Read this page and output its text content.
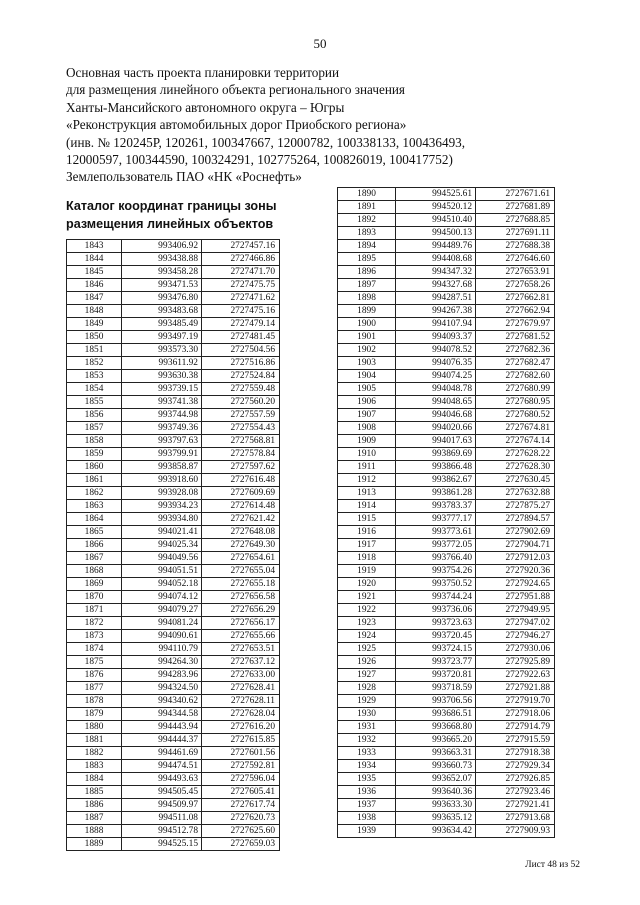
50
Основная часть проекта планировки территории
для размещения линейного объекта регионального значения
Ханты-Мансийского автономного округа – Югры
«Реконструкция автомобильных дорог Приобского региона»
(инв. № 120245Р, 120261, 100347667, 12000782, 100338133, 100436493,
12000597, 100344590, 100324291, 102775264, 100826019, 100417752)
Землепользователь ПАО «НК «Роснефть»
Каталог координат границы зоны
размещения линейных объектов
1843	993406.92	2727457.16
1844	993438.88	2727466.86
1845	993458.28	2727471.70
1846	993471.53	2727475.75
1847	993476.80	2727471.62
1848	993483.68	2727475.16
1849	993485.49	2727479.14
1850	993497.19	2727481.45
1851	993573.30	2727504.56
1852	993611.92	2727516.86
1853	993630.38	2727524.84
1854	993739.15	2727559.48
1855	993741.38	2727560.20
1856	993744.98	2727557.59
1857	993749.36	2727554.43
1858	993797.63	2727568.81
1859	993799.91	2727578.84
1860	993858.87	2727597.62
1861	993918.60	2727616.48
1862	993928.08	2727609.69
1863	993934.23	2727614.48
1864	993934.80	2727621.42
1865	994021.41	2727648.08
1866	994025.34	2727649.30
1867	994049.56	2727654.61
1868	994051.51	2727655.04
1869	994052.18	2727655.18
1870	994074.12	2727656.58
1871	994079.27	2727656.29
1872	994081.24	2727656.17
1873	994090.61	2727655.66
1874	994110.79	2727653.51
1875	994264.30	2727637.12
1876	994283.96	2727633.00
1877	994324.50	2727628.41
1878	994340.62	2727628.11
1879	994344.58	2727628.04
1880	994443.94	2727616.20
1881	994444.37	2727615.85
1882	994461.69	2727601.56
1883	994474.51	2727592.81
1884	994493.63	2727596.04
1885	994505.45	2727605.41
1886	994509.97	2727617.74
1887	994511.08	2727620.73
1888	994512.78	2727625.60
1889	994525.15	2727659.03
1890	994525.61	2727671.61
1891	994520.12	2727681.89
1892	994510.40	2727688.85
1893	994500.13	2727691.11
1894	994489.76	2727688.38
1895	994408.68	2727646.60
1896	994347.32	2727653.91
1897	994327.68	2727658.26
1898	994287.51	2727662.81
1899	994267.38	2727662.94
1900	994107.94	2727679.97
1901	994093.37	2727681.52
1902	994078.52	2727682.36
1903	994076.35	2727682.47
1904	994074.25	2727682.60
1905	994048.78	2727680.99
1906	994048.65	2727680.95
1907	994046.68	2727680.52
1908	994020.66	2727674.81
1909	994017.63	2727674.14
1910	993869.69	2727628.22
1911	993866.48	2727628.30
1912	993862.67	2727630.45
1913	993861.28	2727632.88
1914	993783.37	2727875.27
1915	993777.17	2727894.57
1916	993773.61	2727902.69
1917	993772.05	2727904.71
1918	993766.40	2727912.03
1919	993754.26	2727920.36
1920	993750.52	2727924.65
1921	993744.24	2727951.88
1922	993736.06	2727949.95
1923	993723.63	2727947.02
1924	993720.45	2727946.27
1925	993724.15	2727930.06
1926	993723.77	2727925.89
1927	993720.81	2727922.63
1928	993718.59	2727921.88
1929	993706.56	2727919.70
1930	993686.51	2727918.06
1931	993668.80	2727914.79
1932	993665.20	2727915.59
1933	993663.31	2727918.38
1934	993660.73	2727929.34
1935	993652.07	2727926.85
1936	993640.36	2727923.46
1937	993633.30	2727921.41
1938	993635.12	2727913.68
1939	993634.42	2727909.93
Лист 48 из 52
